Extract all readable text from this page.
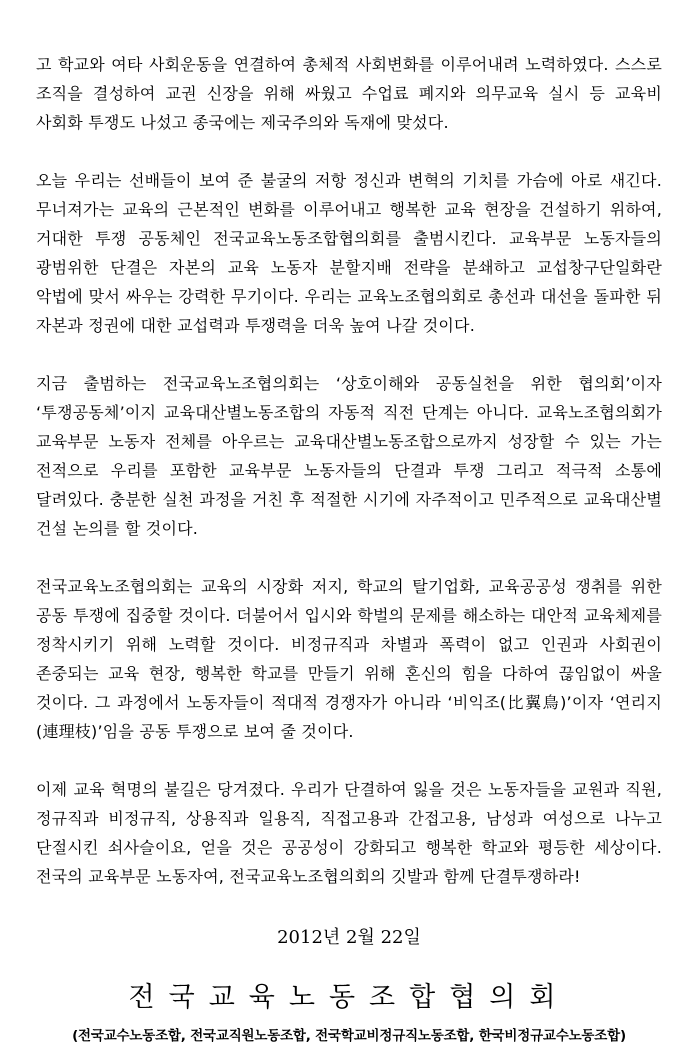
고 학교와 여타 사회운동을 연결하여 총체적 사회변화를 이루어내려 노력하였다. 스스로 조직을 결성하여 교권 신장을 위해 싸웠고 수업료 폐지와 의무교육 실시 등 교육비 사회화 투쟁도 나섰고 종국에는 제국주의와 독재에 맞섰다.

오늘 우리는 선배들이 보여 준 불굴의 저항 정신과 변혁의 기치를 가슴에 아로 새긴다. 무너져가는 교육의 근본적인 변화를 이루어내고 행복한 교육 현장을 건설하기 위하여, 거대한 투쟁 공동체인 전국교육노동조합협의회를 출범시킨다. 교육부문 노동자들의 광범위한 단결은 자본의 교육 노동자 분할지배 전략을 분쇄하고 교섭창구단일화란 악법에 맞서 싸우는 강력한 무기이다. 우리는 교육노조협의회로 총선과 대선을 돌파한 뒤 자본과 정권에 대한 교섭력과 투쟁력을 더욱 높여 나갈 것이다.

지금 출범하는 전국교육노조협의회는 ‘상호이해와 공동실천을 위한 협의회’이자 ‘투쟁공동체’이지 교육대산별노동조합의 자동적 직전 단계는 아니다. 교육노조협의회가 교육부문 노동자 전체를 아우르는 교육대산별노동조합으로까지 성장할 수 있는 가는 전적으로 우리를 포함한 교육부문 노동자들의 단결과 투쟁 그리고 적극적 소통에 달려있다. 충분한 실천 과정을 거친 후 적절한 시기에 자주적이고 민주적으로 교육대산별 건설 논의를 할 것이다.

전국교육노조협의회는 교육의 시장화 저지, 학교의 탈기업화, 교육공공성 쟁취를 위한 공동 투쟁에 집중할 것이다. 더불어서 입시와 학벌의 문제를 해소하는 대안적 교육체제를 정착시키기 위해 노력할 것이다. 비정규직과 차별과 폭력이 없고 인권과 사회권이 존중되는 교육 현장, 행복한 학교를 만들기 위해 혼신의 힘을 다하여 끊임없이 싸울 것이다. 그 과정에서 노동자들이 적대적 경쟁자가 아니라 ‘비익조(比翼鳥)’이자 ‘연리지(連理枝)’임을 공동 투쟁으로 보여 줄 것이다.

이제 교육 혁명의 불길은 당겨졌다. 우리가 단결하여 잃을 것은 노동자들을 교원과 직원, 정규직과 비정규직, 상용직과 일용직, 직접고용과 간접고용, 남성과 여성으로 나누고 단절시킨 쇠사슬이요, 얻을 것은 공공성이 강화되고 행복한 학교와 평등한 세상이다. 전국의 교육부문 노동자여, 전국교육노조협의회의 깃발과 함께 단결투쟁하라!

2012년 2월 22일
전국교육노동조합협의회
(전국교수노동조합, 전국교직원노동조합, 전국학교비정규직노동조합, 한국비정규교수노동조합)
